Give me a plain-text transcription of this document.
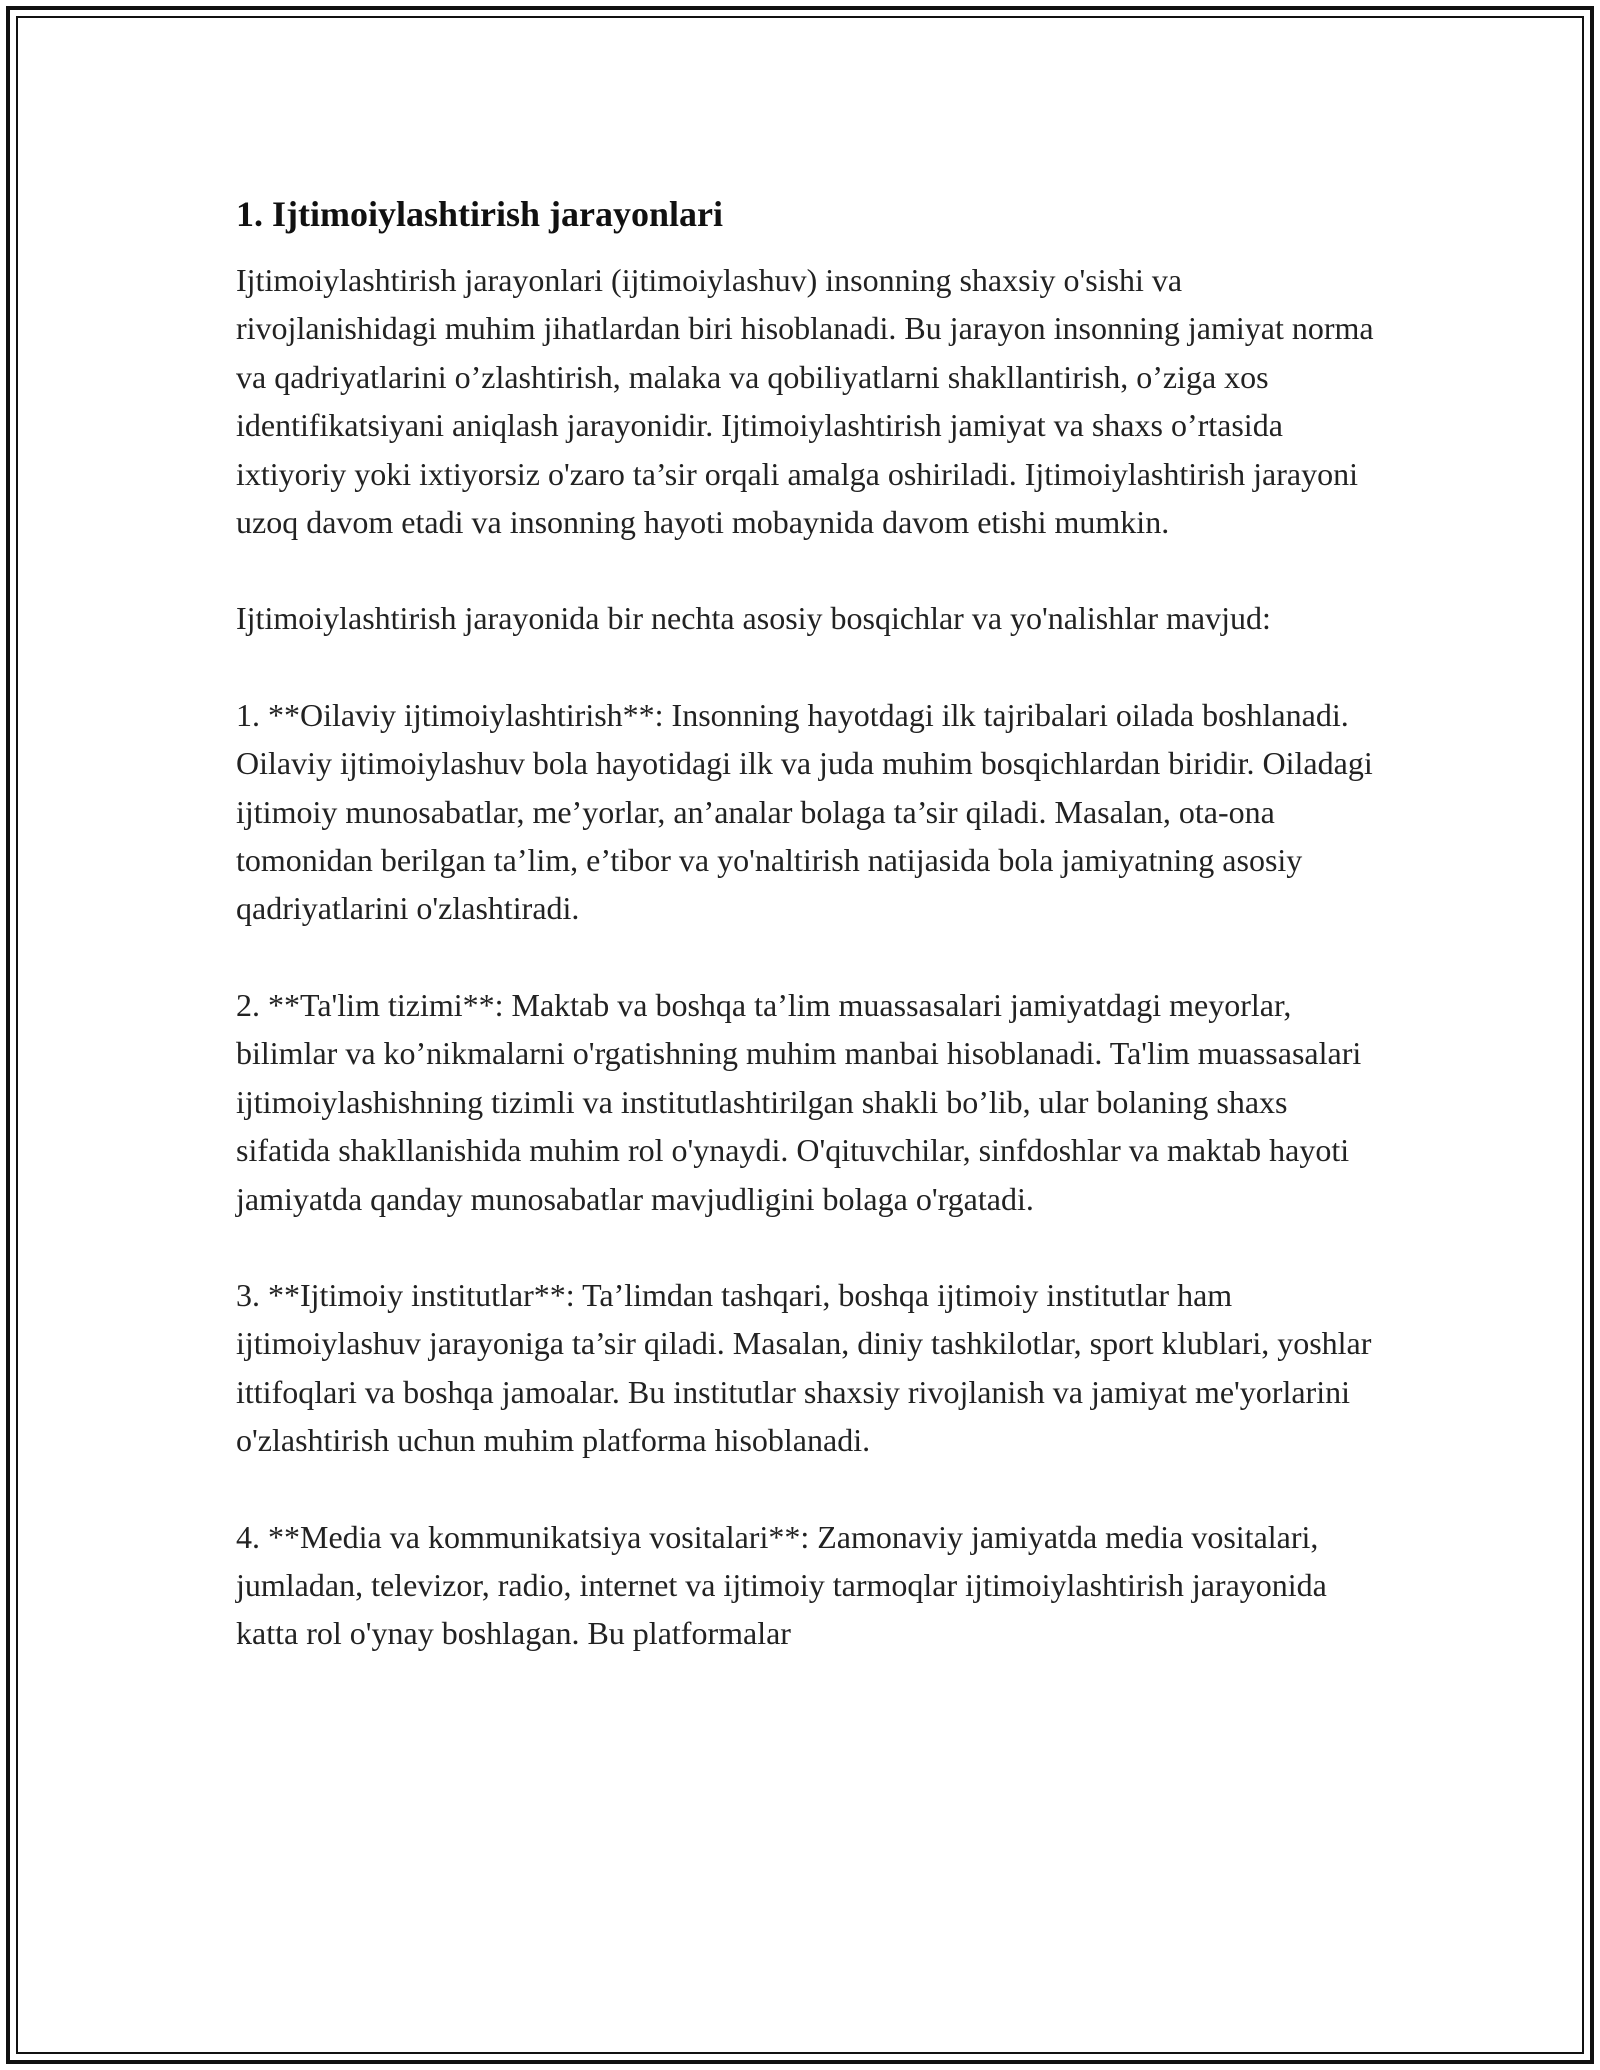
1. Ijtimoiylashtirish jarayonlari

Ijtimoiylashtirish jarayonlari (ijtimoiylashuv) insonning shaxsiy o'sishi va rivojlanishidagi muhim jihatlardan biri hisoblanadi. Bu jarayon insonning jamiyat norma va qadriyatlarini o’zlashtirish, malaka va qobiliyatlarni shakllantirish, o’ziga xos identifikatsiyani aniqlash jarayonidir. Ijtimoiylashtirish jamiyat va shaxs o’rtasida ixtiyoriy yoki ixtiyorsiz o'zaro ta’sir orqali amalga oshiriladi. Ijtimoiylashtirish jarayoni uzoq davom etadi va insonning hayoti mobaynida davom etishi mumkin.

Ijtimoiylashtirish jarayonida bir nechta asosiy bosqichlar va yo'nalishlar mavjud:

1. **Oilaviy ijtimoiylashtirish**: Insonning hayotdagi ilk tajribalari oilada boshlanadi. Oilaviy ijtimoiylashuv bola hayotidagi ilk va juda muhim bosqichlardan biridir. Oiladagi ijtimoiy munosabatlar, me’yorlar, an’analar bolaga ta’sir qiladi. Masalan, ota-ona tomonidan berilgan ta’lim, e’tibor va yo'naltirish natijasida bola jamiyatning asosiy qadriyatlarini o'zlashtiradi.

2. **Ta'lim tizimi**: Maktab va boshqa ta’lim muassasalari jamiyatdagi meyorlar, bilimlar va ko’nikmalarni o'rgatishning muhim manbai hisoblanadi. Ta'lim muassasalari ijtimoiylashishning tizimli va institutlashtirilgan shakli bo’lib, ular bolaning shaxs sifatida shakllanishida muhim rol o'ynaydi. O'qituvchilar, sinfdoshlar va maktab hayoti jamiyatda qanday munosabatlar mavjudligini bolaga o'rgatadi.

3. **Ijtimoiy institutlar**: Ta’limdan tashqari, boshqa ijtimoiy institutlar ham ijtimoiylashuv jarayoniga ta’sir qiladi. Masalan, diniy tashkilotlar, sport klublari, yoshlar ittifoqlari va boshqa jamoalar. Bu institutlar shaxsiy rivojlanish va jamiyat me'yorlarini o'zlashtirish uchun muhim platforma hisoblanadi.

4. **Media va kommunikatsiya vositalari**: Zamonaviy jamiyatda media vositalari, jumladan, televizor, radio, internet va ijtimoiy tarmoqlar ijtimoiylashtirish jarayonida katta rol o'ynay boshlagan. Bu platformalar
